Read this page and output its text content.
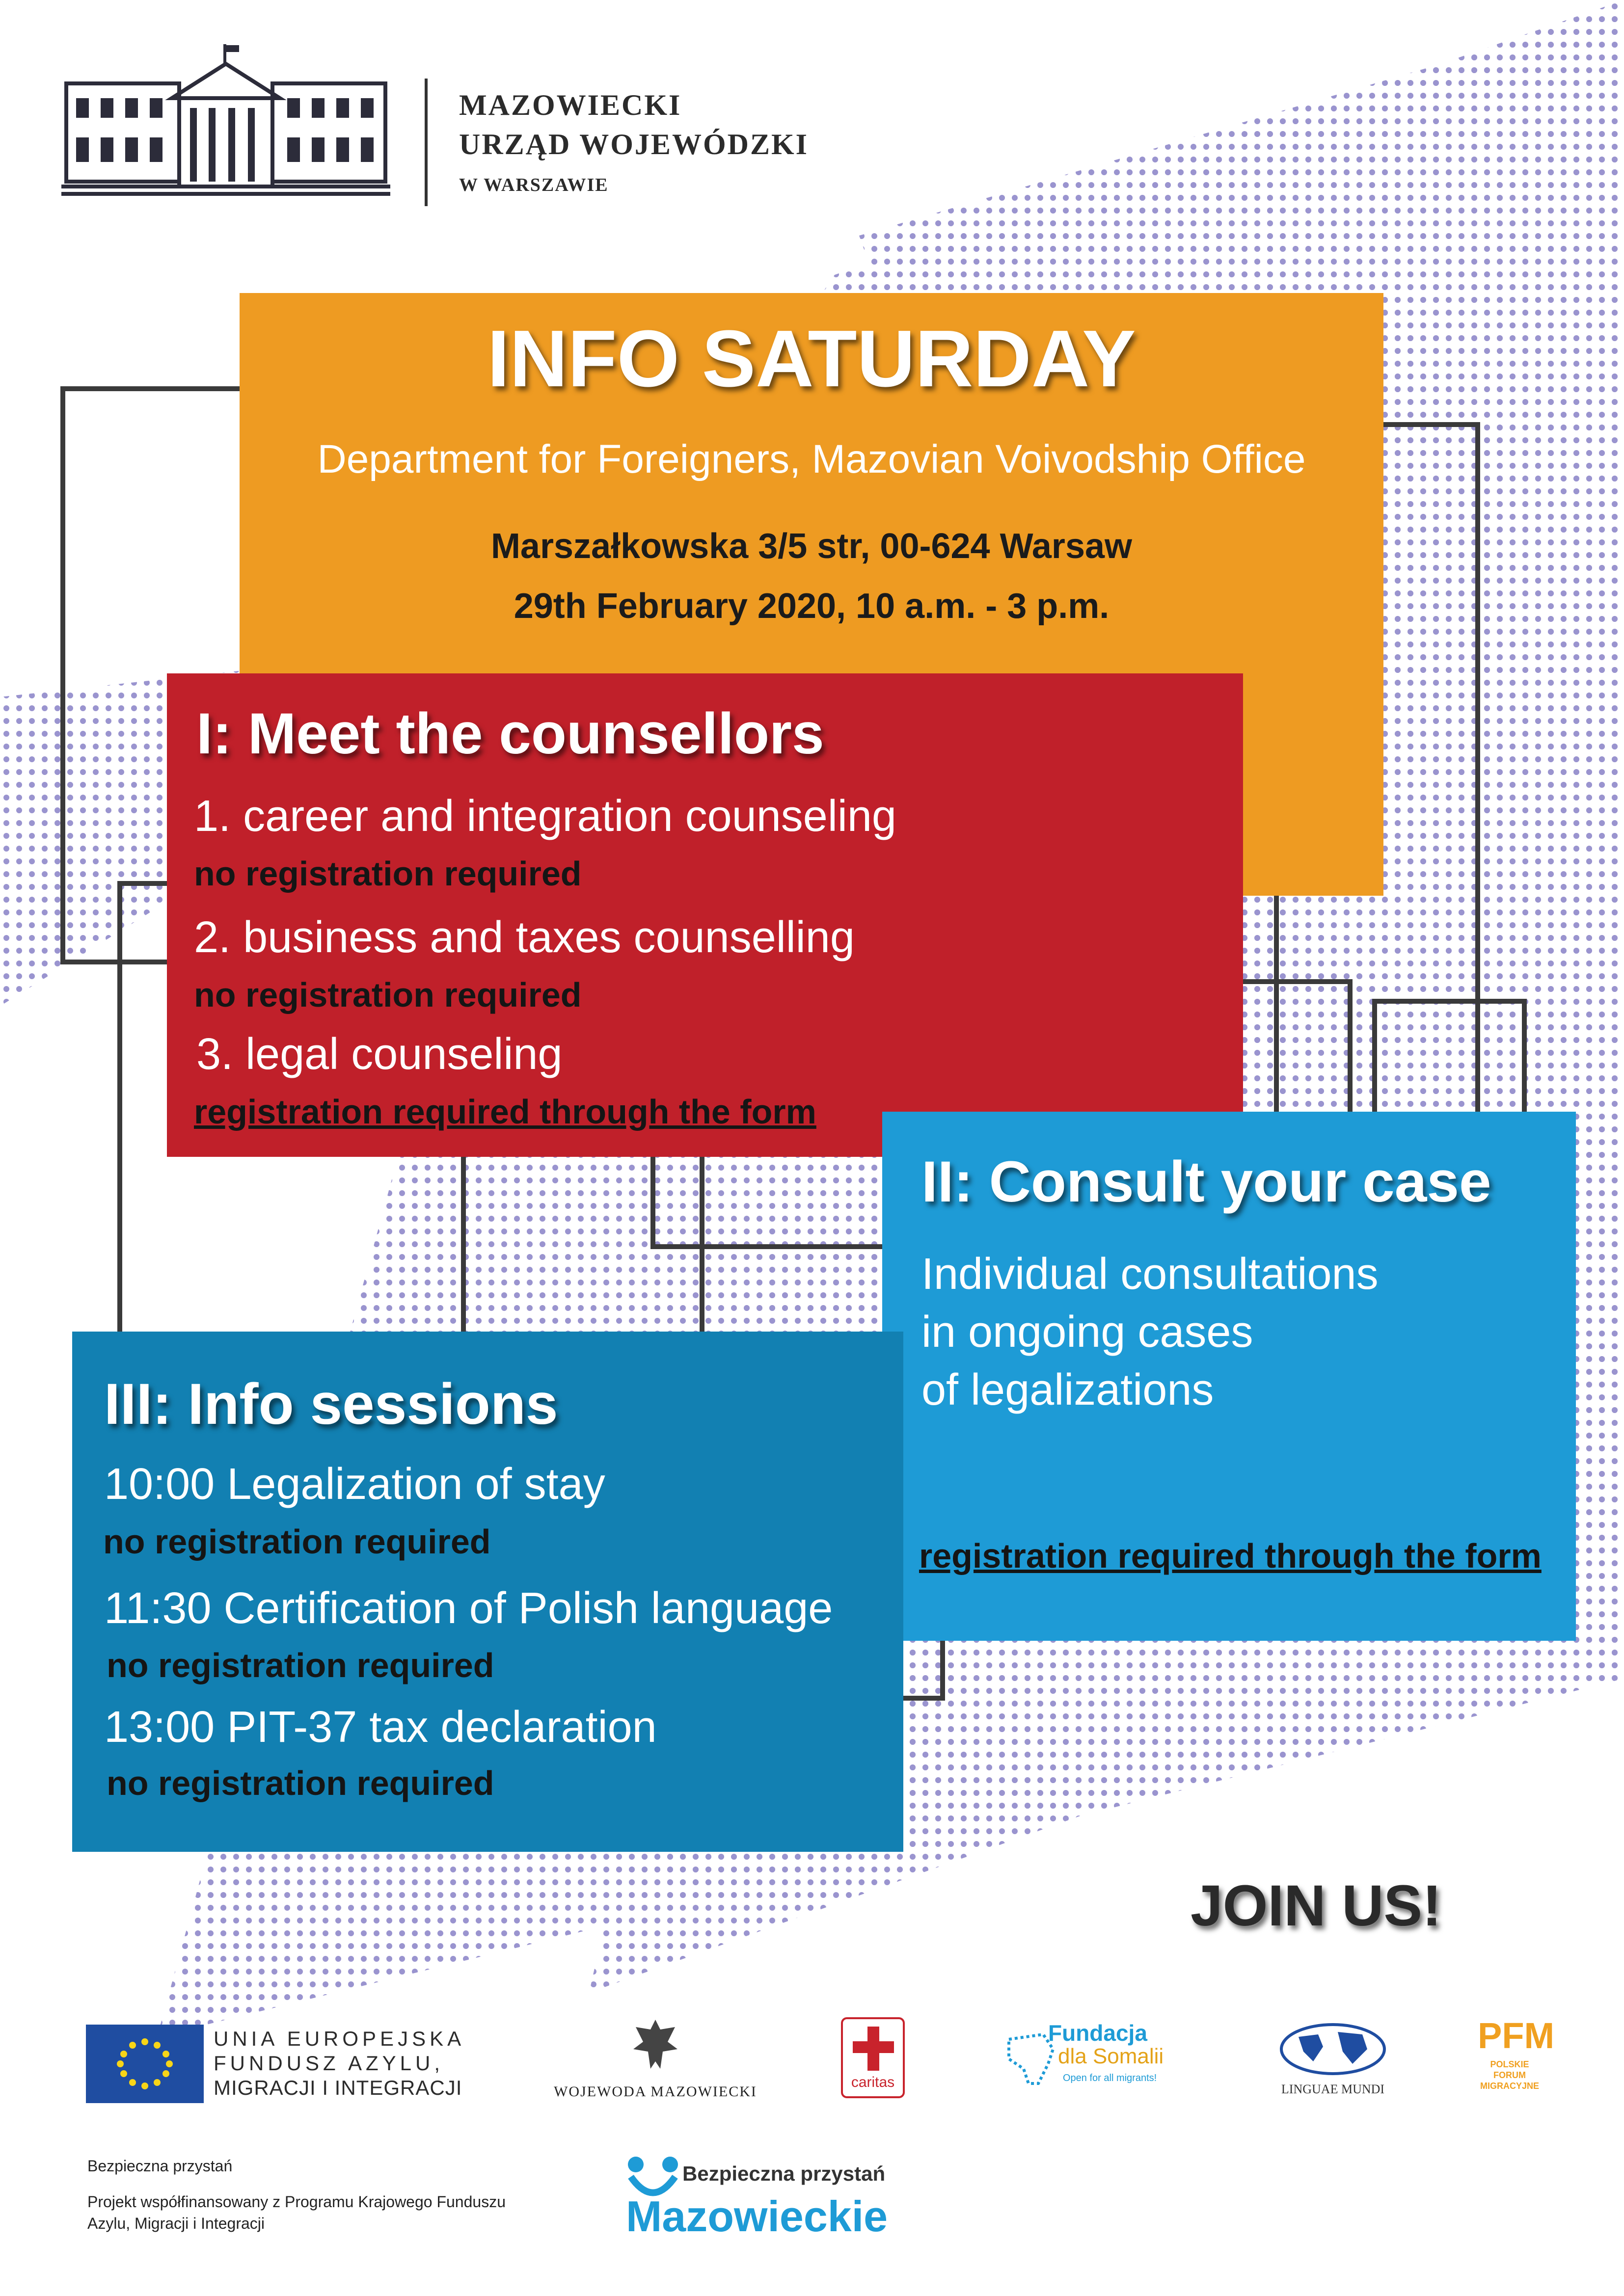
MAZOWIECKI
URZĄD WOJEWÓDZKI
W WARSZAWIE
INFO SATURDAY
Department for Foreigners, Mazovian Voivodship Office
Marszałkowska 3/5 str, 00-624 Warsaw
29th February 2020, 10 a.m. - 3 p.m.
I: Meet the counsellors
1. career and integration counseling
no registration required
2. business and taxes counselling
no registration required
3. legal counseling
registration required through the form
II: Consult your case
Individual consultations
in ongoing cases
of legalizations
registration required through the form
III: Info sessions
10:00 Legalization of stay
no registration required
11:30 Certification of Polish language
no registration required
13:00 PIT-37 tax declaration
no registration required
JOIN US!
UNIA EUROPEJSKA
FUNDUSZ AZYLU,
MIGRACJI I INTEGRACJI	WOJEWODA MAZOWIECKI
caritas
Fundacja
dla Somalii
Open for all migrants!
LINGUAE MUNDI
PFM
POLSKIE FORUM MIGRACYJNE
Bezpieczna przystań
Projekt współfinansowany z Programu Krajowego Funduszu
Azylu, Migracji i Integracji
Bezpieczna przystań
Mazowieckie
